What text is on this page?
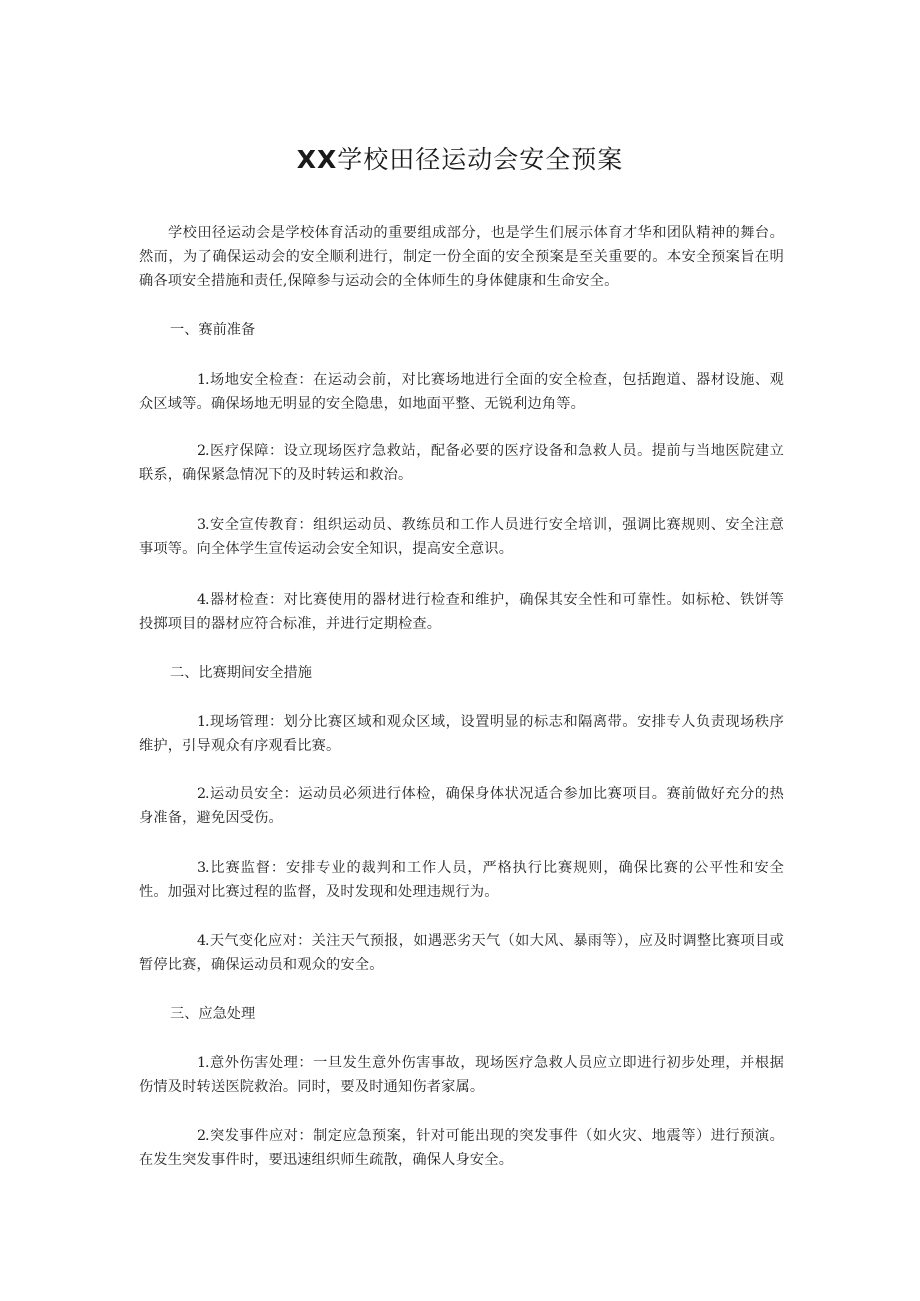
XX学校田径运动会安全预案

学校田径运动会是学校体育活动的重要组成部分，也是学生们展示体育才华和团队精神的舞台。然而，为了确保运动会的安全顺利进行，制定一份全面的安全预案是至关重要的。本安全预案旨在明确各项安全措施和责任,保障参与运动会的全体师生的身体健康和生命安全。

一、赛前准备

1.场地安全检查：在运动会前，对比赛场地进行全面的安全检查，包括跑道、器材设施、观众区域等。确保场地无明显的安全隐患，如地面平整、无锐利边角等。

2.医疗保障：设立现场医疗急救站，配备必要的医疗设备和急救人员。提前与当地医院建立联系，确保紧急情况下的及时转运和救治。

3.安全宣传教育：组织运动员、教练员和工作人员进行安全培训，强调比赛规则、安全注意事项等。向全体学生宣传运动会安全知识，提高安全意识。

4.器材检查：对比赛使用的器材进行检查和维护，确保其安全性和可靠性。如标枪、铁饼等投掷项目的器材应符合标准，并进行定期检查。

二、比赛期间安全措施

1.现场管理：划分比赛区域和观众区域，设置明显的标志和隔离带。安排专人负责现场秩序维护，引导观众有序观看比赛。

2.运动员安全：运动员必须进行体检，确保身体状况适合参加比赛项目。赛前做好充分的热身准备，避免因受伤。

3.比赛监督：安排专业的裁判和工作人员，严格执行比赛规则，确保比赛的公平性和安全性。加强对比赛过程的监督，及时发现和处理违规行为。

4.天气变化应对：关注天气预报，如遇恶劣天气（如大风、暴雨等），应及时调整比赛项目或暂停比赛，确保运动员和观众的安全。

三、应急处理

1.意外伤害处理：一旦发生意外伤害事故，现场医疗急救人员应立即进行初步处理，并根据伤情及时转送医院救治。同时，要及时通知伤者家属。

2.突发事件应对：制定应急预案，针对可能出现的突发事件（如火灾、地震等）进行预演。在发生突发事件时，要迅速组织师生疏散，确保人身安全。
